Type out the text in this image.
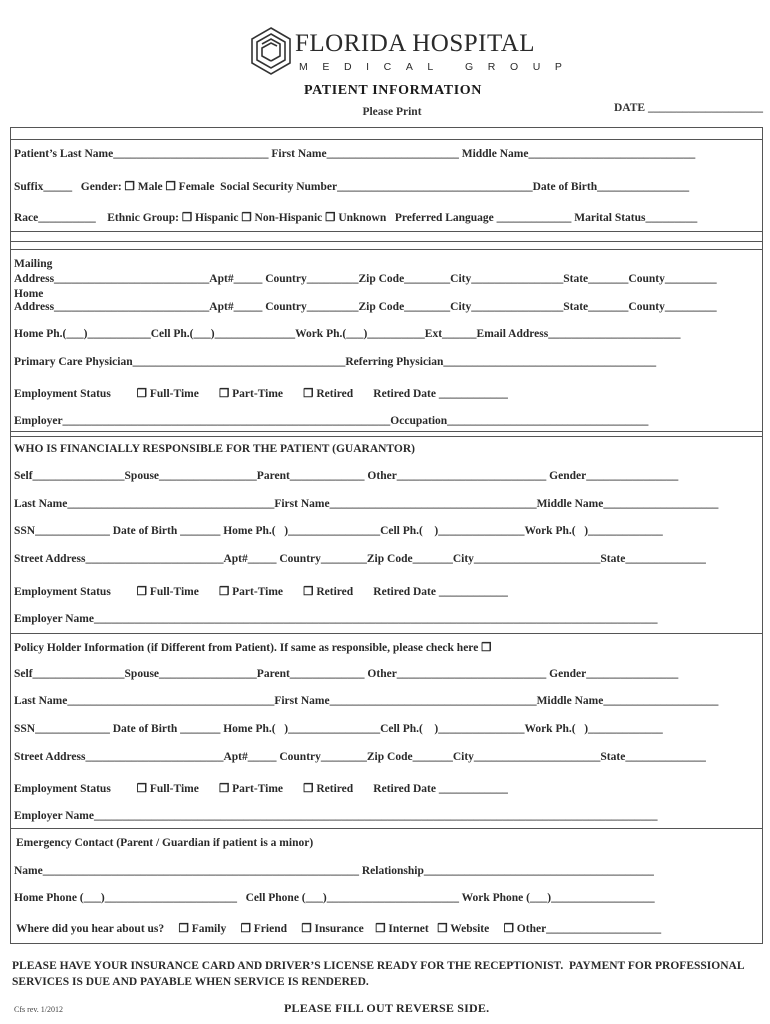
FLORIDA HOSPITAL
MEDICAL GROUP
PATIENT INFORMATION
Please Print	DATE ____________________
Patient’s Last Name___________________________ First Name_______________________ Middle Name_____________________________
Suffix_____   Gender: ❒ Male ❒ Female  Social Security Number__________________________________Date of Birth________________
Race__________    Ethnic Group: ❒ Hispanic ❒ Non-Hispanic ❒ Unknown   Preferred Language _____________ Marital Status_________
Mailing
Address___________________________Apt#_____ Country_________Zip Code________City________________State_______County_________
Home
Address___________________________Apt#_____ Country_________Zip Code________City________________State_______County_________
Home Ph.(___)___________Cell Ph.(___)______________Work Ph.(___)__________Ext______Email Address_______________________
Primary Care Physician_____________________________________Referring Physician_____________________________________
Employment Status         ❒ Full-Time       ❒ Part-Time       ❒ Retired       Retired Date ____________
Employer_________________________________________________________Occupation___________________________________
WHO IS FINANCIALLY RESPONSIBLE FOR THE PATIENT (GUARANTOR)
Self________________Spouse_________________Parent_____________ Other__________________________ Gender________________
Last Name____________________________________First Name____________________________________Middle Name____________________
SSN_____________ Date of Birth _______ Home Ph.(   )________________Cell Ph.(    )_______________Work Ph.(   )_____________
Street Address________________________Apt#_____ Country________Zip Code_______City______________________State______________
Employment Status         ❒ Full-Time       ❒ Part-Time       ❒ Retired       Retired Date ____________
Employer Name__________________________________________________________________________________________________
Policy Holder Information (if Different from Patient). If same as responsible, please check here ❒
Self________________Spouse_________________Parent_____________ Other__________________________ Gender________________
Last Name____________________________________First Name____________________________________Middle Name____________________
SSN_____________ Date of Birth _______ Home Ph.(   )________________Cell Ph.(    )_______________Work Ph.(   )_____________
Street Address________________________Apt#_____ Country________Zip Code_______City______________________State______________
Employment Status         ❒ Full-Time       ❒ Part-Time       ❒ Retired       Retired Date ____________
Employer Name__________________________________________________________________________________________________
Emergency Contact (Parent / Guardian if patient is a minor)
Name_______________________________________________________ Relationship________________________________________
Home Phone (___)_______________________   Cell Phone (___)_______________________ Work Phone (___)__________________
Where did you hear about us?     ❒ Family     ❒ Friend     ❒ Insurance    ❒ Internet   ❒ Website     ❒ Other____________________
PLEASE HAVE YOUR INSURANCE CARD AND DRIVER’S LICENSE READY FOR THE RECEPTIONIST.  PAYMENT FOR PROFESSIONAL
SERVICES IS DUE AND PAYABLE WHEN SERVICE IS RENDERED.
Cfs rev. 1/2012	PLEASE FILL OUT REVERSE SIDE.
